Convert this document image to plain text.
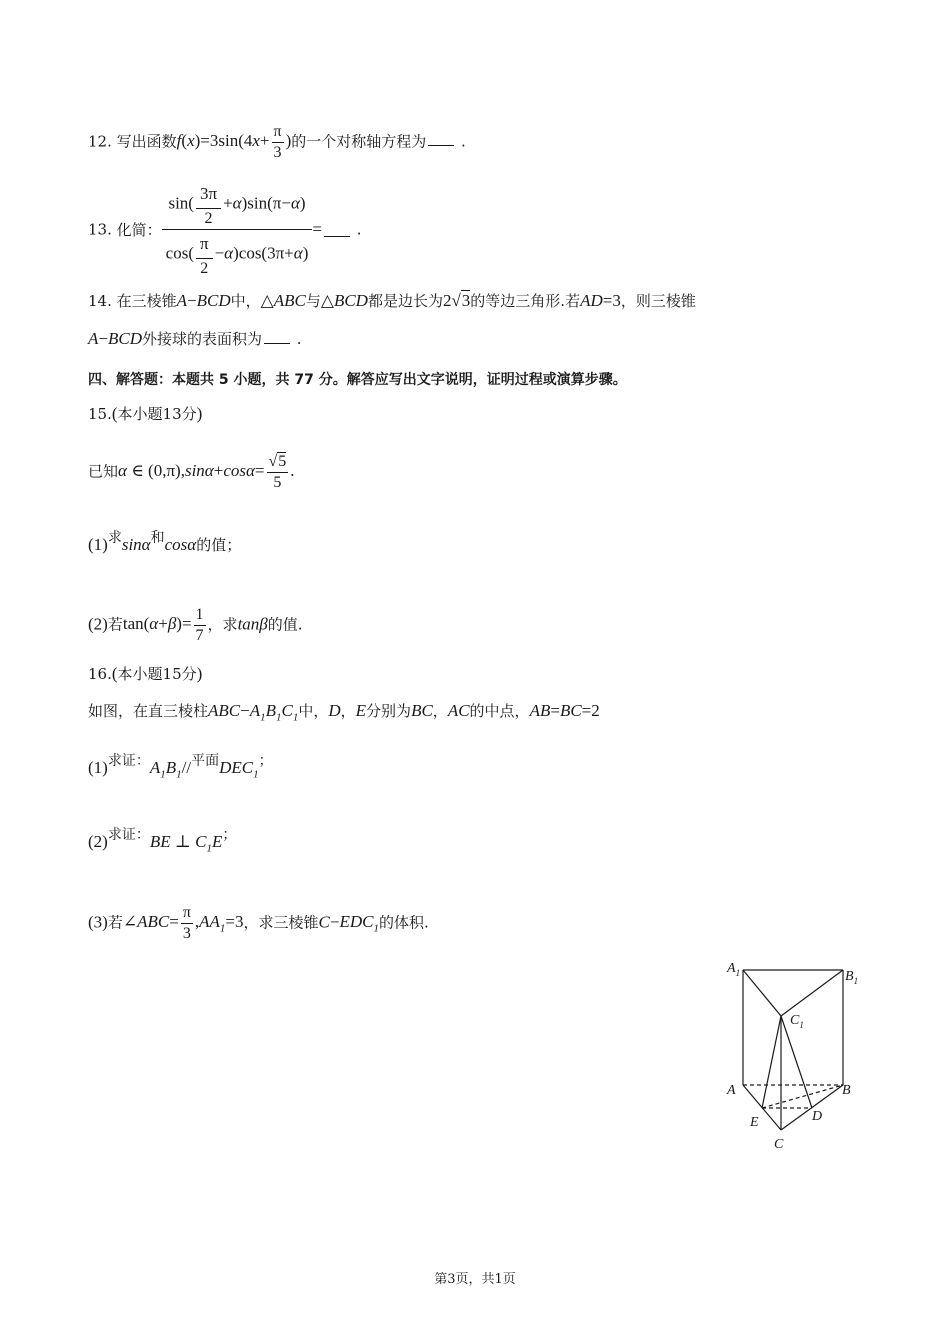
12. 写出函数$f(x)=3\sin(4x+ \frac{\pi}{3}$ )的一个对称轴方程为 .
13. 化简： $\frac{\sin( \frac{3\pi}{2} +\alpha)\sin(\pi-\alpha)}{\cos( \frac{\pi}{2} -\alpha)\cos(3\pi+\alpha)}$ = .
14. 在三棱锥A−BCD中，△ABC与△BCD都是边长为2√3的等边三角形.若AD=3，则三棱锥
A−BCD外接球的表面积为 .
四、解答题：本题共 5 小题，共 77 分。解答应写出文字说明，证明过程或演算步骤。
15.(本小题13分)
已知α ∈ $(0,\pi),\sin\alpha+\cos\alpha= \frac{√5}{5}$ .
(1)求sinα和cosα的值；
(2)若$\tan(\alpha+\beta)= \frac{1}{7}$ ，求tanβ的值.
16.(本小题15分)
如图，在直三棱柱$ABC-A_1B_1C_1$中，D，E分别为BC，AC的中点，AB=BC=2
(1)求证：$A_1B_1//$平面$DEC_1$；
(2)求证：BE ⊥ $C_1E$；
(3)若∠ABC= $\frac{\pi}{3} ,AA_1=3$，求三棱锥$C-EDC_1$的体积.
$A_1$	$B_1$
$C_1$
A	B
E	D
C
第3页，共1页
